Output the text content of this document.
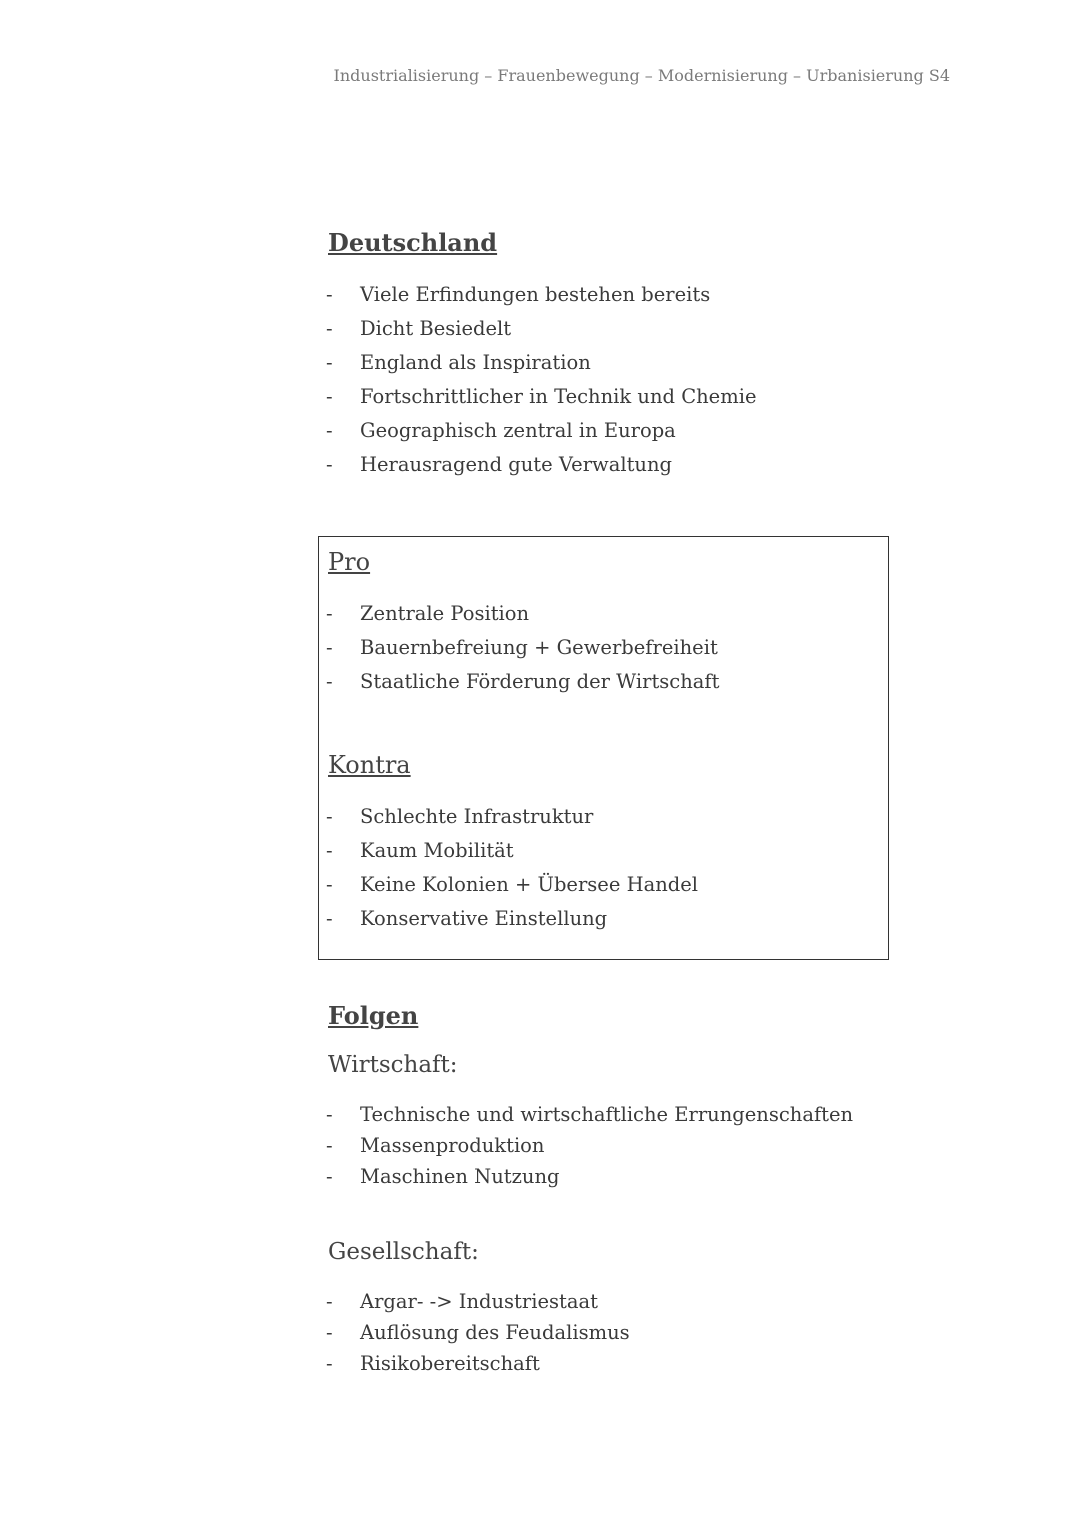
Industrialisierung – Frauenbewegung – Modernisierung – Urbanisierung S4
Deutschland
- Viele Erfindungen bestehen bereits
- Dicht Besiedelt
- England als Inspiration
- Fortschrittlicher in Technik und Chemie
- Geographisch zentral in Europa
- Herausragend gute Verwaltung
Pro
- Zentrale Position
- Bauernbefreiung + Gewerbefreiheit
- Staatliche Förderung der Wirtschaft
Kontra
- Schlechte Infrastruktur
- Kaum Mobilität
- Keine Kolonien + Übersee Handel
- Konservative Einstellung
Folgen
Wirtschaft:
- Technische und wirtschaftliche Errungenschaften
- Massenproduktion
- Maschinen Nutzung
Gesellschaft:
- Argar- -> Industriestaat
- Auflösung des Feudalismus
- Risikobereitschaft
